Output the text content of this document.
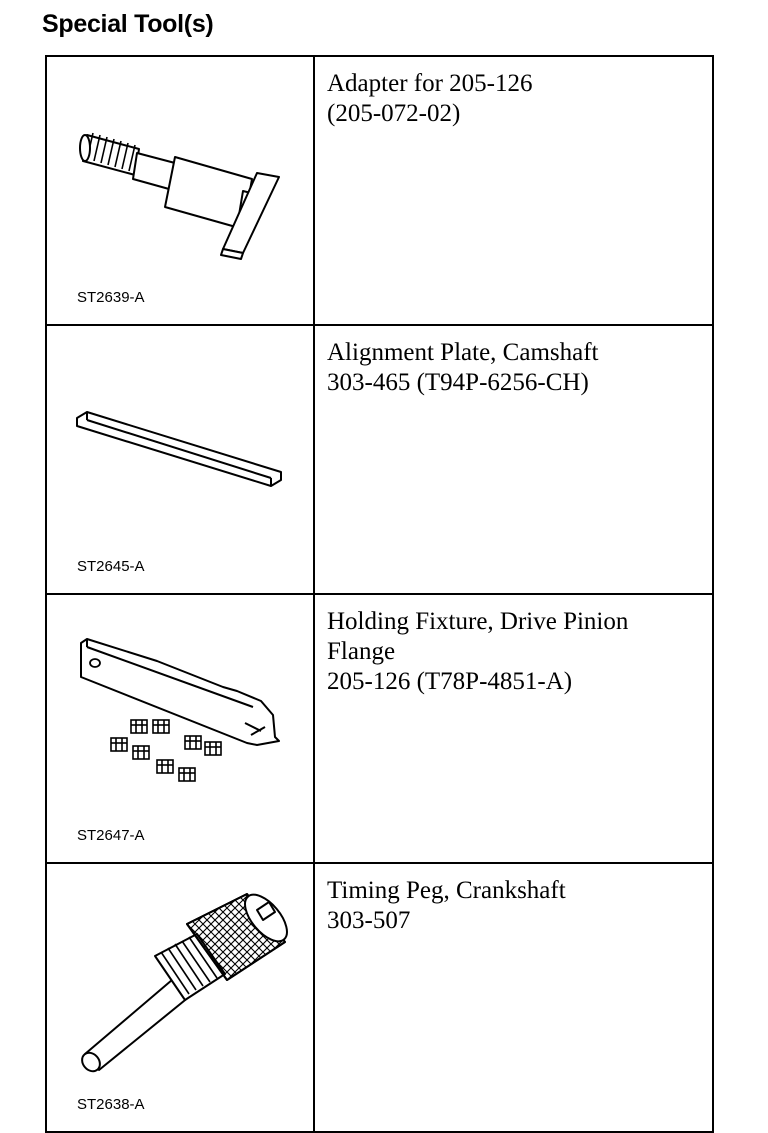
Special Tool(s)
ST2639-A	Adapter for 205-126
(205-072-02)

ST2645-A	Alignment Plate, Camshaft
303-465 (T94P-6256-CH)

ST2647-A	Holding Fixture, Drive Pinion
Flange
205-126 (T78P-4851-A)

ST2638-A	Timing Peg, Crankshaft
303-507
